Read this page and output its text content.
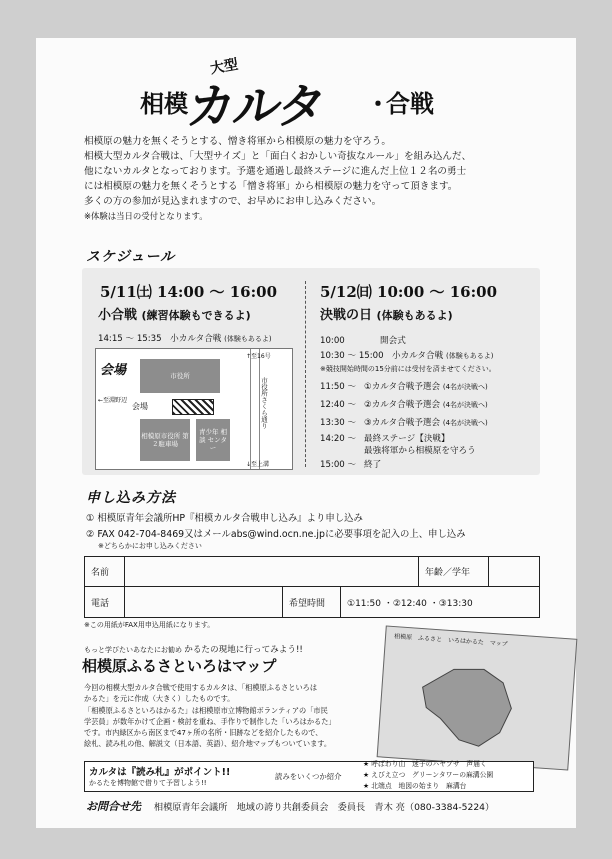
相模
大型
カルタ ・
合戦

相模原の魅力を無くそうとする、憎き将軍から相模原の魅力を守ろう。

相模大型カルタ合戦は、「大型サイズ」と「面白くおかしい奇抜なルール」を組み込んだ、

他にないカルタとなっております。予選を通過し最終ステージに進んだ上位１２名の勇士

には相模原の魅力を無くそうとする「憎き将軍」から相模原の魅力を守って頂きます。

多くの方の参加が見込まれますので、お早めにお申し込みください。

※体験は当日の受付となります。

スケジュール
5/11㈯ 14:00 ～ 16:00
小合戦 (練習体験もできるよ)
14:15 ～ 15:35　小カルタ合戦 (体験もあるよ)
会場	市役所
相模原市役所 第２駐車場
青少年 相談 センター
会場	市役所さくら通り
↑至16号
←至淵野辺
↓至上溝
5/12㈰ 10:00 ～ 16:00
決戦の日 (体験もあるよ)
10:00	開会式
10:30 ～ 15:00 小カルタ合戦 (体験もあるよ)
※競技開始時間の15分前には受付を済ませてください。
11:50 ～ ①カルタ合戦予選会 (4名が決戦へ)
12:40 ～ ②カルタ合戦予選会 (4名が決戦へ)
13:30 ～ ③カルタ合戦予選会 (4名が決戦へ)
14:20 ～ 最終ステージ【決戦】
最強将軍から相模原を守ろう
15:00 ～ 終了
申し込み方法
① 相模原青年会議所HP『相模カルタ合戦申し込み』より申し込み
② FAX 042-704-8469又はメールabs@wind.ocn.ne.jpに必要事項を記入の上、申し込み
※どちらかにお申し込みください
名前	年齢／学年
電話	希望時間	①11:50 ・②12:40 ・③13:30
※この用紙がFAX用申込用紙になります。
もっと学びたいあなたにお勧め かるたの現地に行ってみよう!!
相模原ふるさといろはマップ
今回の相模大型カルタ合戦で使用するカルタは、「相模原ふるさといろは
かるた」を元に作成（大きく）したものです。
「相模原ふるさといろはかるた」は相模原市立博物館ボランティアの「市民
学芸員」が数年かけて企画・検討を重ね、手作りで制作した「いろはかるた」
です。市内緑区から南区まで47ヶ所の名所・旧跡などを紹介したもので、
絵札、読み札の他、解説文（日本語、英語）、紹介地マップもついています。
相模原　ふるさと　いろはかるた　マップ
カルタは『読み札』がポイント!!
かるたを博物館で借りて予習しよう!!
読みをいくつか紹介
★ 呼ばわり山　迷子のハヤブサ　声届く
★ えびえ立つ　グリーンタワーの麻溝公園
★ 北端点　地図の始まり　麻溝台
お問合せ先 相模原青年会議所　地域の誇り共創委員会　委員長　青木 亮（080-3384-5224）
